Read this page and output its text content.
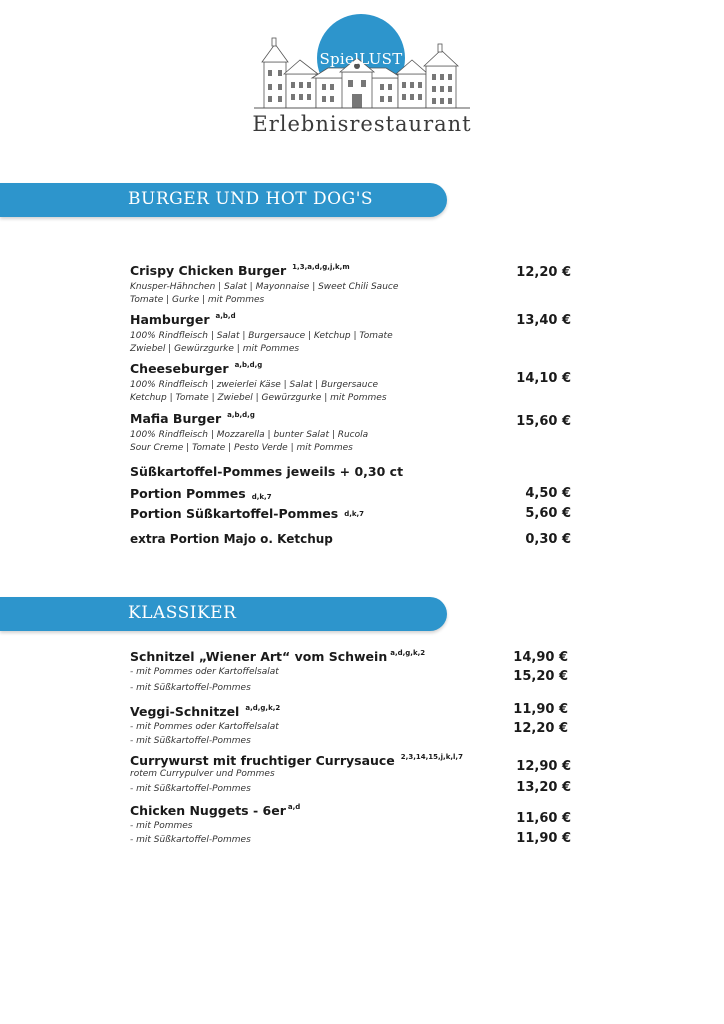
SpielLUST
Erlebnisrestaurant
BURGER UND HOT DOG'S
Crispy Chicken Burger $^{1,3,a,d,g,j,k,m}$
Knusper-Hähnchen | Salat | Mayonnaise | Sweet Chili Sauce
Tomate | Gurke | mit Pommes
12,20 €
Hamburger $^{a,b,d}$
100% Rindfleisch | Salat | Burgersauce | Ketchup | Tomate
Zwiebel | Gewürzgurke | mit Pommes
13,40 €
Cheeseburger $^{a,b,d,g}$
100% Rindfleisch | zweierlei Käse | Salat | Burgersauce
Ketchup | Tomate | Zwiebel | Gewürzgurke | mit Pommes
14,10 €
Mafia Burger $^{a,b,d,g}$
100% Rindfleisch | Mozzarella | bunter Salat | Rucola
Sour Creme | Tomate | Pesto Verde | mit Pommes
15,60 €
Süßkartoffel-Pommes jeweils + 0,30 ct
Portion Pommes d,k,7	4,50 €
Portion Süßkartoffel-Pommes $^{d,k,7}$	5,60 €
extra Portion Majo o. Ketchup	0,30 €
KLASSIKER
Schnitzel „Wiener Art“ vom Schwein $^{a,d,g,k,2}$
- mit Pommes oder Kartoffelsalat
- mit Süßkartoffel-Pommes
14,90 €
15,20 €
Veggi-Schnitzel $^{a,d,g,k,2}$
- mit Pommes oder Kartoffelsalat
- mit Süßkartoffel-Pommes
11,90 €
12,20 €
Currywurst mit fruchtiger Currysauce $^{2,3,14,15,j,k,l,7}$
rotem Currypulver und Pommes
- mit Süßkartoffel-Pommes
12,90 €
13,20 €
Chicken Nuggets - 6er $^{a,d}$
- mit Pommes
- mit Süßkartoffel-Pommes
11,60 €
11,90 €
